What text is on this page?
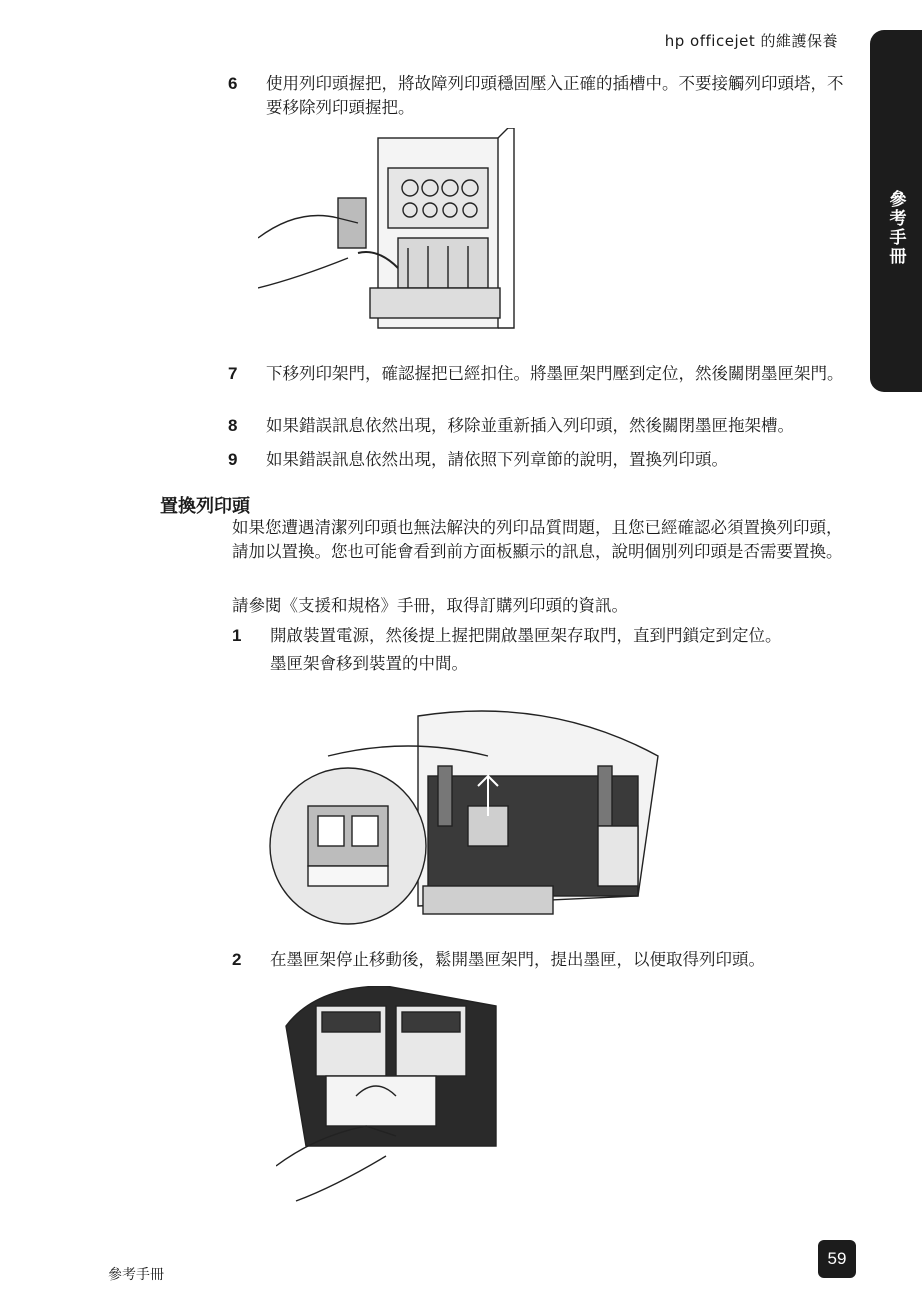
hp officejet 的維護保養
參考手冊
6	使用列印頭握把，將故障列印頭穩固壓入正確的插槽中。不要接觸列印頭塔，不要移除列印頭握把。
7	下移列印架門，確認握把已經扣住。將墨匣架門壓到定位，然後關閉墨匣架門。
8	如果錯誤訊息依然出現，移除並重新插入列印頭，然後關閉墨匣拖架槽。
9	如果錯誤訊息依然出現，請依照下列章節的說明，置換列印頭。
置換列印頭
如果您遭遇清潔列印頭也無法解決的列印品質問題，且您已經確認必須置換列印頭，請加以置換。您也可能會看到前方面板顯示的訊息，說明個別列印頭是否需要置換。
請參閱《支援和規格》手冊，取得訂購列印頭的資訊。
1	開啟裝置電源，然後提上握把開啟墨匣架存取門，直到門鎖定到定位。
墨匣架會移到裝置的中間。
2	在墨匣架停止移動後，鬆開墨匣架門，提出墨匣，以便取得列印頭。
參考手冊
59
